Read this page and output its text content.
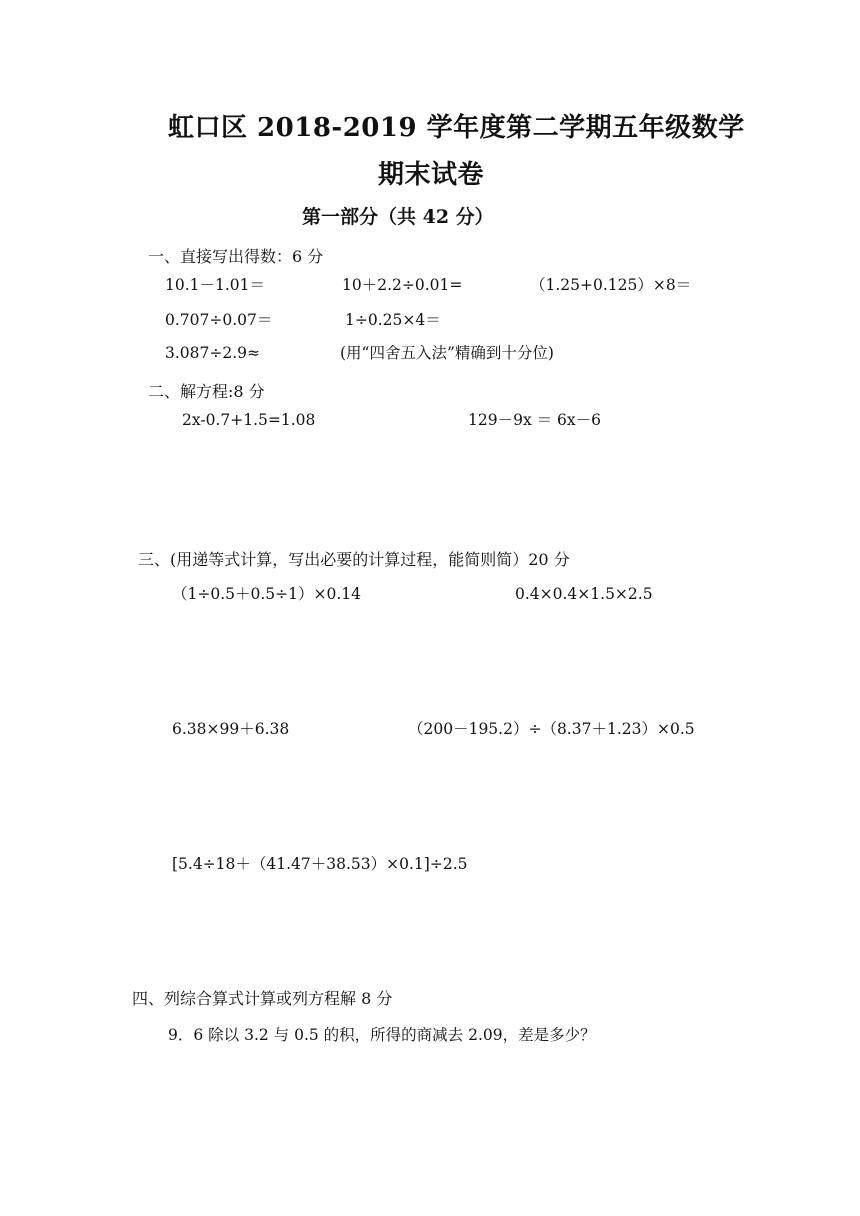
虹口区 2018-2019 学年度第二学期五年级数学
期末试卷
第一部分（共 42 分）
一、直接写出得数：6 分
10.1－1.01＝	10＋2.2÷0.01=	（1.25+0.125）×8＝
0.707÷0.07＝	1÷0.25×4＝
3.087÷2.9≈	(用“四舍五入法”精确到十分位)
二、解方程:8 分
2x-0.7+1.5=1.08	129－9x ＝ 6x－6
三、(用递等式计算，写出必要的计算过程，能简则简）20 分
（1÷0.5＋0.5÷1）×0.14	0.4×0.4×1.5×2.5
6.38×99＋6.38	（200－195.2）÷（8.37＋1.23）×0.5
[5.4÷18＋（41.47＋38.53）×0.1]÷2.5
四、列综合算式计算或列方程解 8 分
9．6 除以 3.2 与 0.5 的积，所得的商减去 2.09，差是多少？
